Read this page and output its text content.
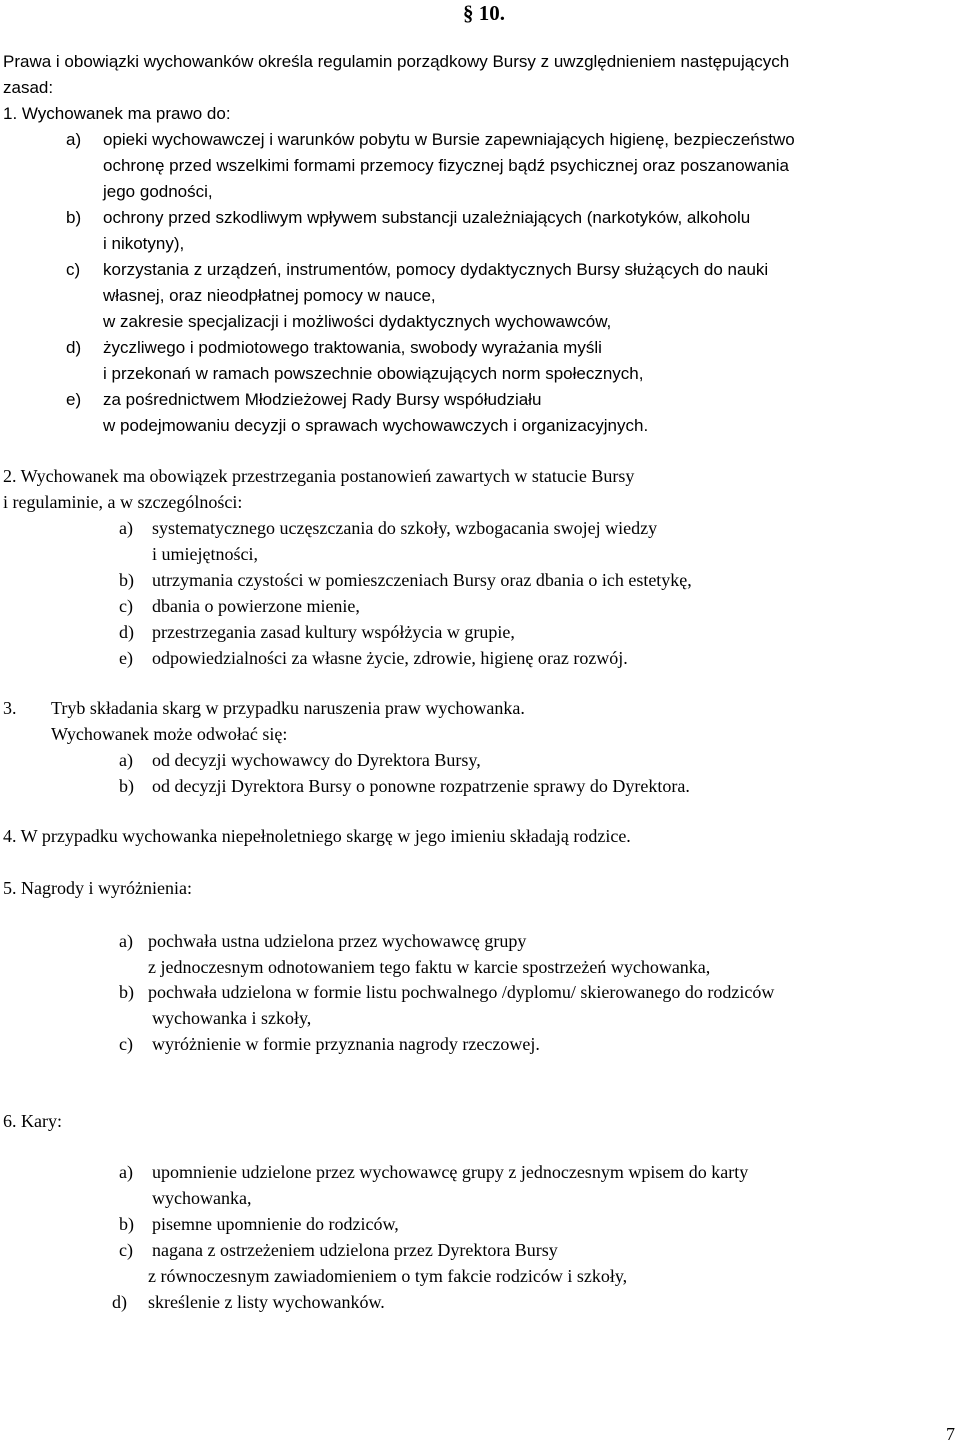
§ 10.
Prawa i obowiązki wychowanków określa regulamin porządkowy Bursy z uwzględnieniem następujących
zasad:
1. Wychowanek ma prawo do:
a) opieki wychowawczej i warunków pobytu w Bursie zapewniających higienę, bezpieczeństwo
ochronę przed wszelkimi formami przemocy fizycznej bądź psychicznej oraz poszanowania
jego godności,
b) ochrony przed szkodliwym wpływem substancji uzależniających (narkotyków, alkoholu
i nikotyny),
c) korzystania z urządzeń, instrumentów, pomocy dydaktycznych Bursy służących do nauki
własnej, oraz nieodpłatnej pomocy w nauce,
w zakresie specjalizacji i możliwości dydaktycznych wychowawców,
d) życzliwego i podmiotowego traktowania, swobody wyrażania myśli
i przekonań w ramach powszechnie obowiązujących norm społecznych,
e) za pośrednictwem Młodzieżowej Rady Bursy współudziału
w podejmowaniu decyzji o sprawach wychowawczych i organizacyjnych.
2. Wychowanek ma obowiązek przestrzegania postanowień zawartych w statucie Bursy
i regulaminie, a w szczególności:
a) systematycznego uczęszczania do szkoły, wzbogacania swojej wiedzy
i umiejętności,
b) utrzymania czystości w pomieszczeniach Bursy oraz dbania o ich estetykę,
c) dbania o powierzone mienie,
d) przestrzegania zasad kultury współżycia w grupie,
e) odpowiedzialności za własne życie, zdrowie, higienę oraz rozwój.
3. Tryb składania skarg w przypadku naruszenia praw wychowanka.
Wychowanek może odwołać się:
a) od decyzji wychowawcy do Dyrektora Bursy,
b) od decyzji Dyrektora Bursy o ponowne rozpatrzenie sprawy do Dyrektora.
4. W przypadku wychowanka niepełnoletniego skargę w jego imieniu składają rodzice.
5. Nagrody i wyróżnienia:
a) pochwała ustna udzielona przez wychowawcę grupy
z jednoczesnym odnotowaniem tego faktu w karcie spostrzeżeń wychowanka,
b) pochwała udzielona w formie listu pochwalnego /dyplomu/ skierowanego do rodziców
wychowanka i szkoły,
c) wyróżnienie w formie przyznania nagrody rzeczowej.
6. Kary:
a) upomnienie udzielone przez wychowawcę grupy z jednoczesnym wpisem do karty
wychowanka,
b) pisemne upomnienie do rodziców,
c) nagana z ostrzeżeniem udzielona przez Dyrektora Bursy
z równoczesnym zawiadomieniem o tym fakcie rodziców i szkoły,
d) skreślenie z listy wychowanków.
7
